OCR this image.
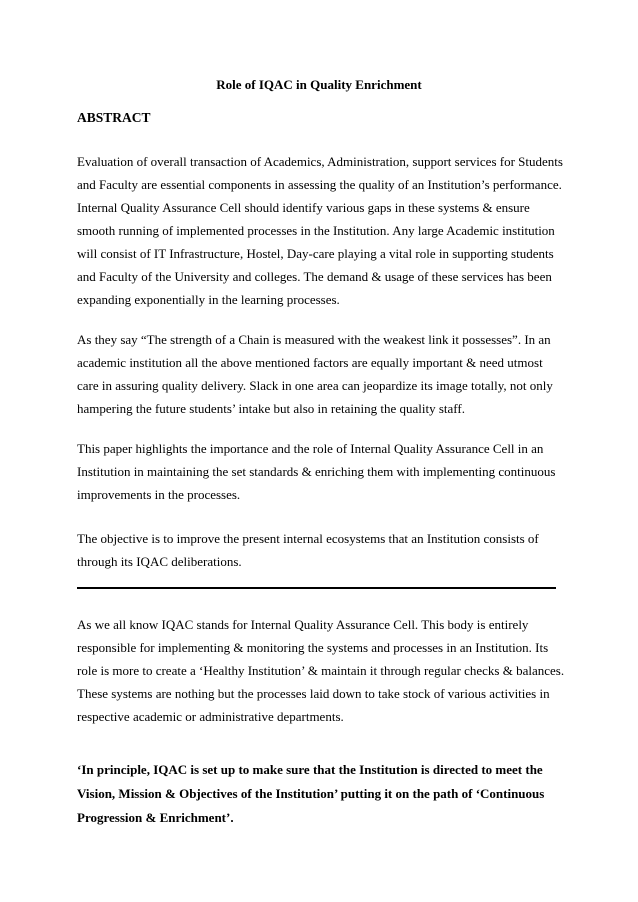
Role of IQAC in Quality Enrichment
ABSTRACT
Evaluation of overall transaction of Academics, Administration, support services for Students
and Faculty are essential components in assessing the quality of an Institution’s performance.
Internal Quality Assurance Cell should identify various gaps in these systems & ensure
smooth running of implemented processes in the Institution. Any large Academic institution
will consist of IT Infrastructure, Hostel, Day-care playing a vital role in supporting students
and Faculty of the University and colleges. The demand & usage of these services has been
expanding exponentially in the learning processes.
As they say “The strength of a Chain is measured with the weakest link it possesses”. In an
academic institution all the above mentioned factors are equally important & need utmost
care in assuring quality delivery. Slack in one area can jeopardize its image totally, not only
hampering the future students’ intake but also in retaining the quality staff.
This paper highlights the importance and the role of Internal Quality Assurance Cell in an
Institution in maintaining the set standards & enriching them with implementing continuous
improvements in the processes.
The objective is to improve the present internal ecosystems that an Institution consists of
through its IQAC deliberations.
As we all know IQAC stands for Internal Quality Assurance Cell. This body is entirely
responsible for implementing & monitoring the systems and processes in an Institution. Its
role is more to create a ‘Healthy Institution’ & maintain it through regular checks & balances.
These systems are nothing but the processes laid down to take stock of various activities in
respective academic or administrative departments.
‘In principle, IQAC is set up to make sure that the Institution is directed to meet the
Vision, Mission & Objectives of the Institution’ putting it on the path of ‘Continuous
Progression & Enrichment’.
